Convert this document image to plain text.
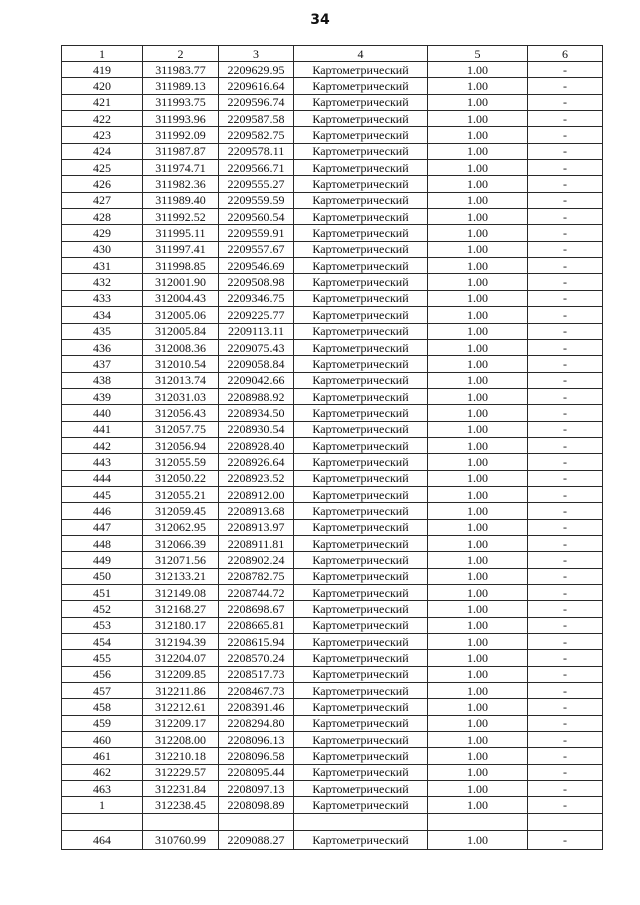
34
1	2	3	4	5	6
419	311983.77	2209629.95	Картометрический	1.00	-
420	311989.13	2209616.64	Картометрический	1.00	-
421	311993.75	2209596.74	Картометрический	1.00	-
422	311993.96	2209587.58	Картометрический	1.00	-
423	311992.09	2209582.75	Картометрический	1.00	-
424	311987.87	2209578.11	Картометрический	1.00	-
425	311974.71	2209566.71	Картометрический	1.00	-
426	311982.36	2209555.27	Картометрический	1.00	-
427	311989.40	2209559.59	Картометрический	1.00	-
428	311992.52	2209560.54	Картометрический	1.00	-
429	311995.11	2209559.91	Картометрический	1.00	-
430	311997.41	2209557.67	Картометрический	1.00	-
431	311998.85	2209546.69	Картометрический	1.00	-
432	312001.90	2209508.98	Картометрический	1.00	-
433	312004.43	2209346.75	Картометрический	1.00	-
434	312005.06	2209225.77	Картометрический	1.00	-
435	312005.84	2209113.11	Картометрический	1.00	-
436	312008.36	2209075.43	Картометрический	1.00	-
437	312010.54	2209058.84	Картометрический	1.00	-
438	312013.74	2209042.66	Картометрический	1.00	-
439	312031.03	2208988.92	Картометрический	1.00	-
440	312056.43	2208934.50	Картометрический	1.00	-
441	312057.75	2208930.54	Картометрический	1.00	-
442	312056.94	2208928.40	Картометрический	1.00	-
443	312055.59	2208926.64	Картометрический	1.00	-
444	312050.22	2208923.52	Картометрический	1.00	-
445	312055.21	2208912.00	Картометрический	1.00	-
446	312059.45	2208913.68	Картометрический	1.00	-
447	312062.95	2208913.97	Картометрический	1.00	-
448	312066.39	2208911.81	Картометрический	1.00	-
449	312071.56	2208902.24	Картометрический	1.00	-
450	312133.21	2208782.75	Картометрический	1.00	-
451	312149.08	2208744.72	Картометрический	1.00	-
452	312168.27	2208698.67	Картометрический	1.00	-
453	312180.17	2208665.81	Картометрический	1.00	-
454	312194.39	2208615.94	Картометрический	1.00	-
455	312204.07	2208570.24	Картометрический	1.00	-
456	312209.85	2208517.73	Картометрический	1.00	-
457	312211.86	2208467.73	Картометрический	1.00	-
458	312212.61	2208391.46	Картометрический	1.00	-
459	312209.17	2208294.80	Картометрический	1.00	-
460	312208.00	2208096.13	Картометрический	1.00	-
461	312210.18	2208096.58	Картометрический	1.00	-
462	312229.57	2208095.44	Картометрический	1.00	-
463	312231.84	2208097.13	Картометрический	1.00	-
1	312238.45	2208098.89	Картометрический	1.00	-

464	310760.99	2209088.27	Картометрический	1.00	-
